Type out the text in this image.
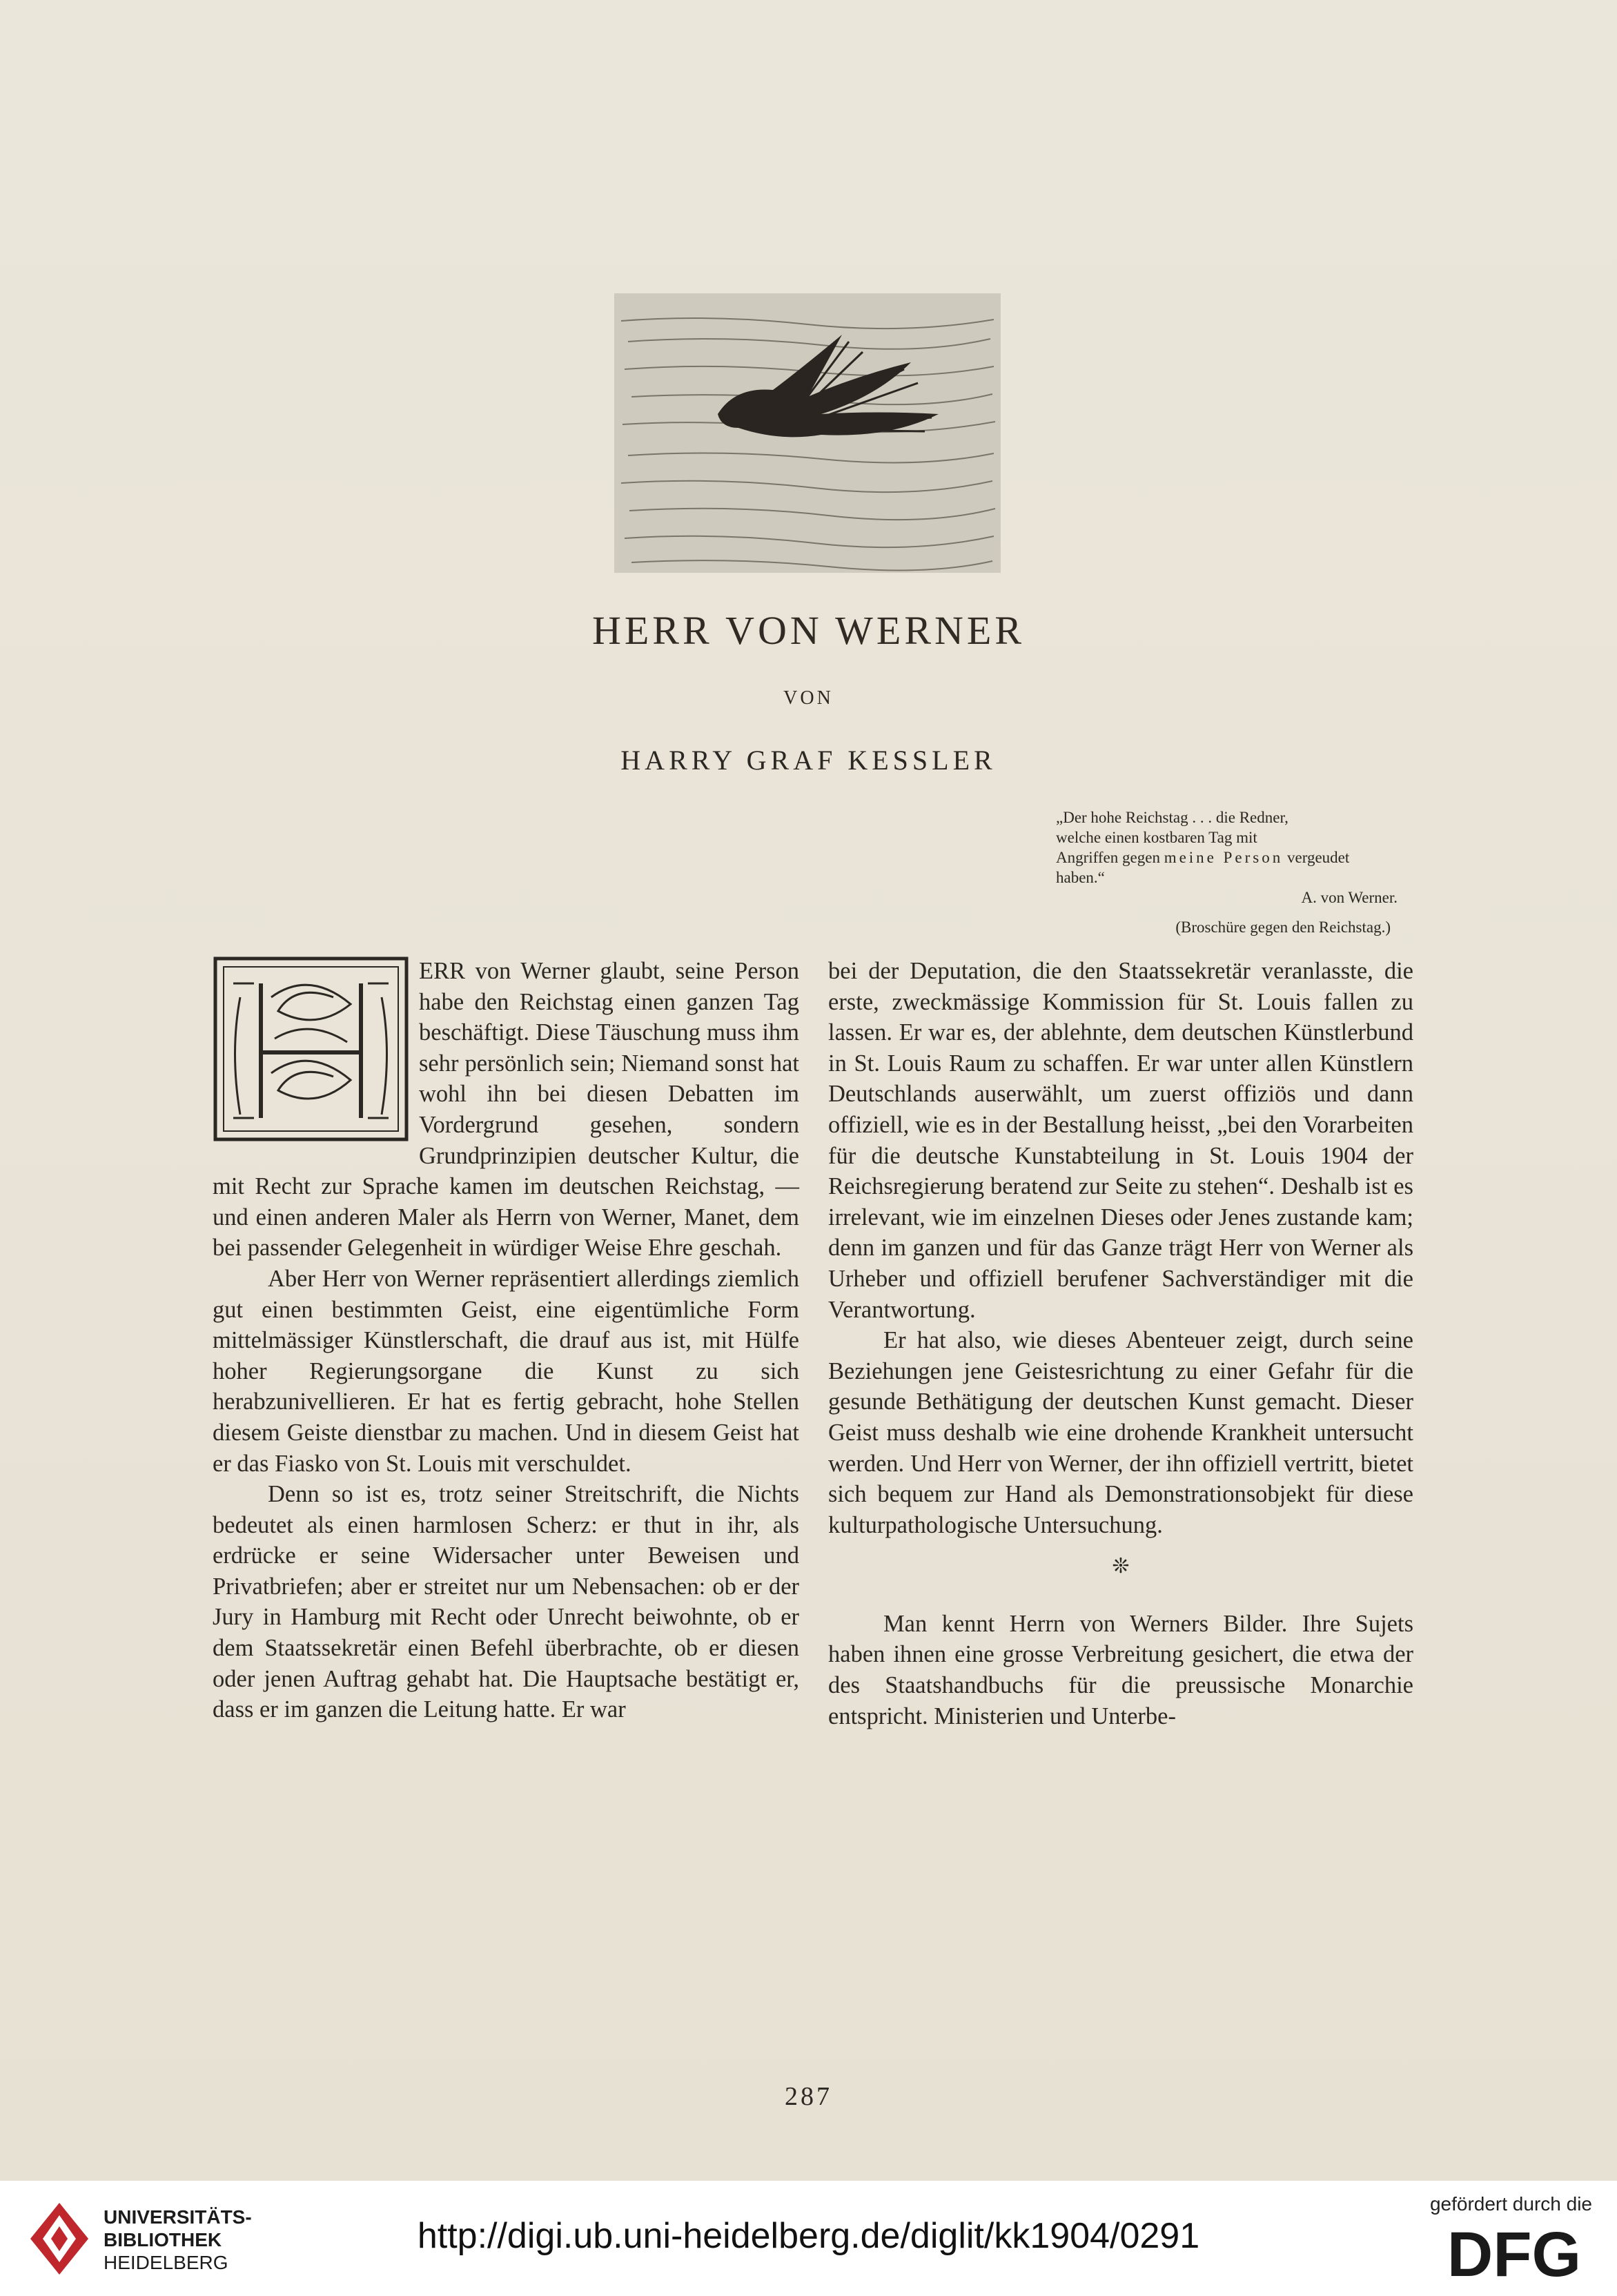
HERR VON WERNER
VON
HARRY GRAF KESSLER
„Der hohe Reichstag . . . die Redner,
welche einen kostbaren Tag mit
Angriffen gegen meine Person vergeudet
haben.“
A. von Werner.
(Broschüre gegen den Reichstag.)

ERR von Werner glaubt, seine Person habe den Reichstag einen ganzen Tag beschäftigt. Diese Täuschung muss ihm sehr persönlich sein; Niemand sonst hat wohl ihn bei diesen Debatten im Vordergrund gesehen, sondern Grundprinzipien deutscher Kultur, die mit Recht zur Sprache kamen im deutschen Reichstag, — und einen anderen Maler als Herrn von Werner, Manet, dem bei passender Gelegenheit in würdiger Weise Ehre geschah.

Aber Herr von Werner repräsentiert allerdings ziemlich gut einen bestimmten Geist, eine eigentümliche Form mittelmässiger Künstlerschaft, die drauf aus ist, mit Hülfe hoher Regierungsorgane die Kunst zu sich herabzunivellieren. Er hat es fertig gebracht, hohe Stellen diesem Geiste dienstbar zu machen. Und in diesem Geist hat er das Fiasko von St. Louis mit verschuldet.

Denn so ist es, trotz seiner Streitschrift, die Nichts bedeutet als einen harmlosen Scherz: er thut in ihr, als erdrücke er seine Widersacher unter Beweisen und Privatbriefen; aber er streitet nur um Nebensachen: ob er der Jury in Hamburg mit Recht oder Unrecht beiwohnte, ob er dem Staatssekretär einen Befehl überbrachte, ob er diesen oder jenen Auftrag gehabt hat. Die Hauptsache bestätigt er, dass er im ganzen die Leitung hatte. Er war

bei der Deputation, die den Staatssekretär veranlasste, die erste, zweckmässige Kommission für St. Louis fallen zu lassen. Er war es, der ablehnte, dem deutschen Künstlerbund in St. Louis Raum zu schaffen. Er war unter allen Künstlern Deutschlands auserwählt, um zuerst offiziös und dann offiziell, wie es in der Bestallung heisst, „bei den Vorarbeiten für die deutsche Kunstabteilung in St. Louis 1904 der Reichsregierung beratend zur Seite zu stehen“. Deshalb ist es irrelevant, wie im einzelnen Dieses oder Jenes zustande kam; denn im ganzen und für das Ganze trägt Herr von Werner als Urheber und offiziell berufener Sachverständiger mit die Verantwortung.

Er hat also, wie dieses Abenteuer zeigt, durch seine Beziehungen jene Geistesrichtung zu einer Gefahr für die gesunde Bethätigung der deutschen Kunst gemacht. Dieser Geist muss deshalb wie eine drohende Krankheit untersucht werden. Und Herr von Werner, der ihn offiziell vertritt, bietet sich bequem zur Hand als Demonstrationsobjekt für diese kulturpathologische Untersuchung.

❊

Man kennt Herrn von Werners Bilder. Ihre Sujets haben ihnen eine grosse Verbreitung gesichert, die etwa der des Staatshandbuchs für die preussische Monarchie entspricht. Ministerien und Unterbe-

287
UNIVERSITÄTS-
BIBLIOTHEK
HEIDELBERG
http://digi.ub.uni-heidelberg.de/diglit/kk1904/0291
gefördert durch die
DFG
